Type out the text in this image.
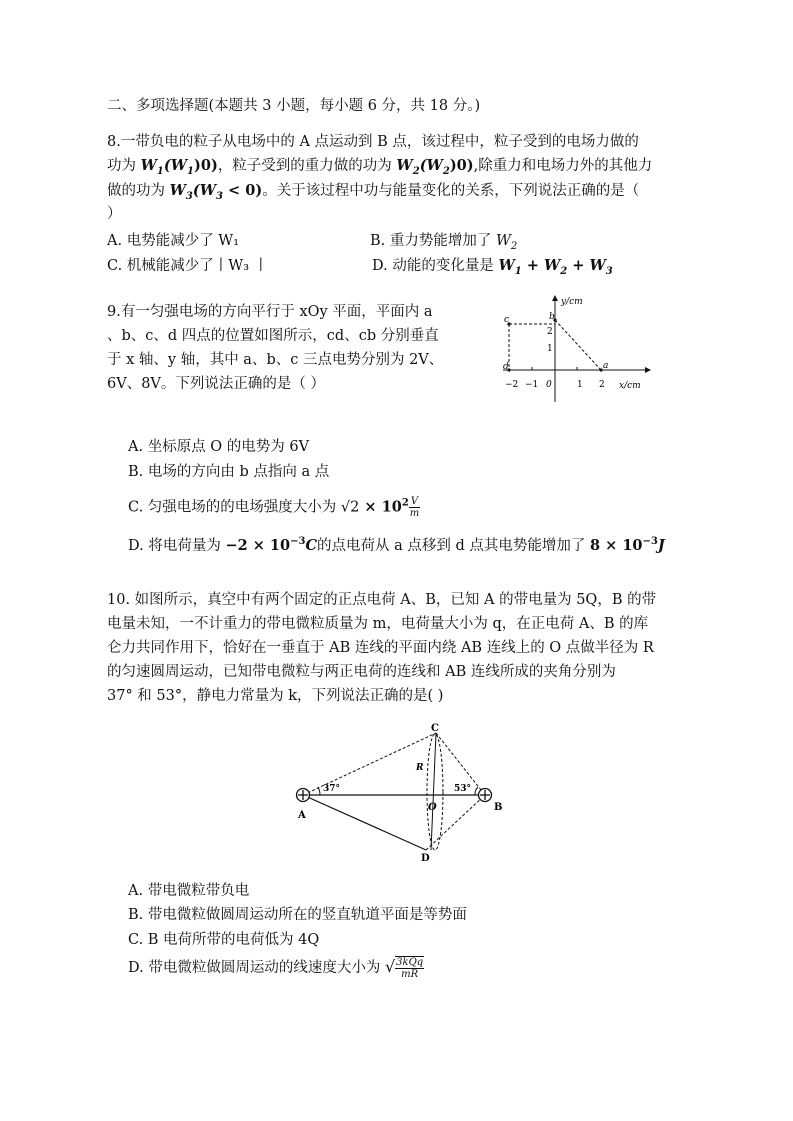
二、多项选择题(本题共 3 小题，每小题 6 分，共 18 分。)
8.一带负电的粒子从电场中的 A 点运动到 B 点，该过程中，粒子受到的电场力做的
功为 $W_1(W_1)0$)，粒子受到的重力做的功为 $W_2(W_2)0$),除重力和电场力外的其他力
做的功为 $W_3(W_3 < 0)$。关于该过程中功与能量变化的关系，下列说法正确的是（
）
A. 电势能减少了 W₁	B. 重力势能增加了 $W_2$
C. 机械能减少了丨W₃ 丨	D. 动能的变化量是 $W_1 + W_2 + W_3$
9.有一匀强电场的方向平行于 xOy 平面，平面内 a
、b、c、d 四点的位置如图所示，cd、cb 分别垂直
于 x 轴、y 轴，其中 a、b、c 三点电势分别为 2V、
6V、8V。下列说法正确的是（ ）
y/cm
x/cm
c	b
d	a
−2 −1 0	1 2
1
2
A. 坐标原点 O 的电势为 6V
B. 电场的方向由 b 点指向 a 点
C. 匀强电场的的电场强度大小为 $√2 \times 10^2 \frac{V}{m}$
D. 将电荷量为 $-2 \times 10^{-3}C$的点电荷从 a 点移到 d 点其电势能增加了 $8 \times 10^{-3}J$
10. 如图所示，真空中有两个固定的正点电荷 A、B，已知 A 的带电量为 5Q，B 的带
电量未知，一不计重力的带电微粒质量为 m，电荷量大小为 q，在正电荷 A、B 的库
仑力共同作用下，恰好在一垂直于 AB 连线的平面内绕 AB 连线上的 O 点做半径为 R
的匀速圆周运动，已知带电微粒与两正电荷的连线和 AB 连线所成的夹角分别为
37° 和 53°，静电力常量为 k，下列说法正确的是( )
A
B
C
D
O
R
37°	53°
A. 带电微粒带负电
B. 带电微粒做圆周运动所在的竖直轨道平面是等势面
C. B 电荷所带的电荷低为 4Q
D. 带电微粒做圆周运动的线速度大小为 √ $\frac{\text{3kQq}}{mR}$
